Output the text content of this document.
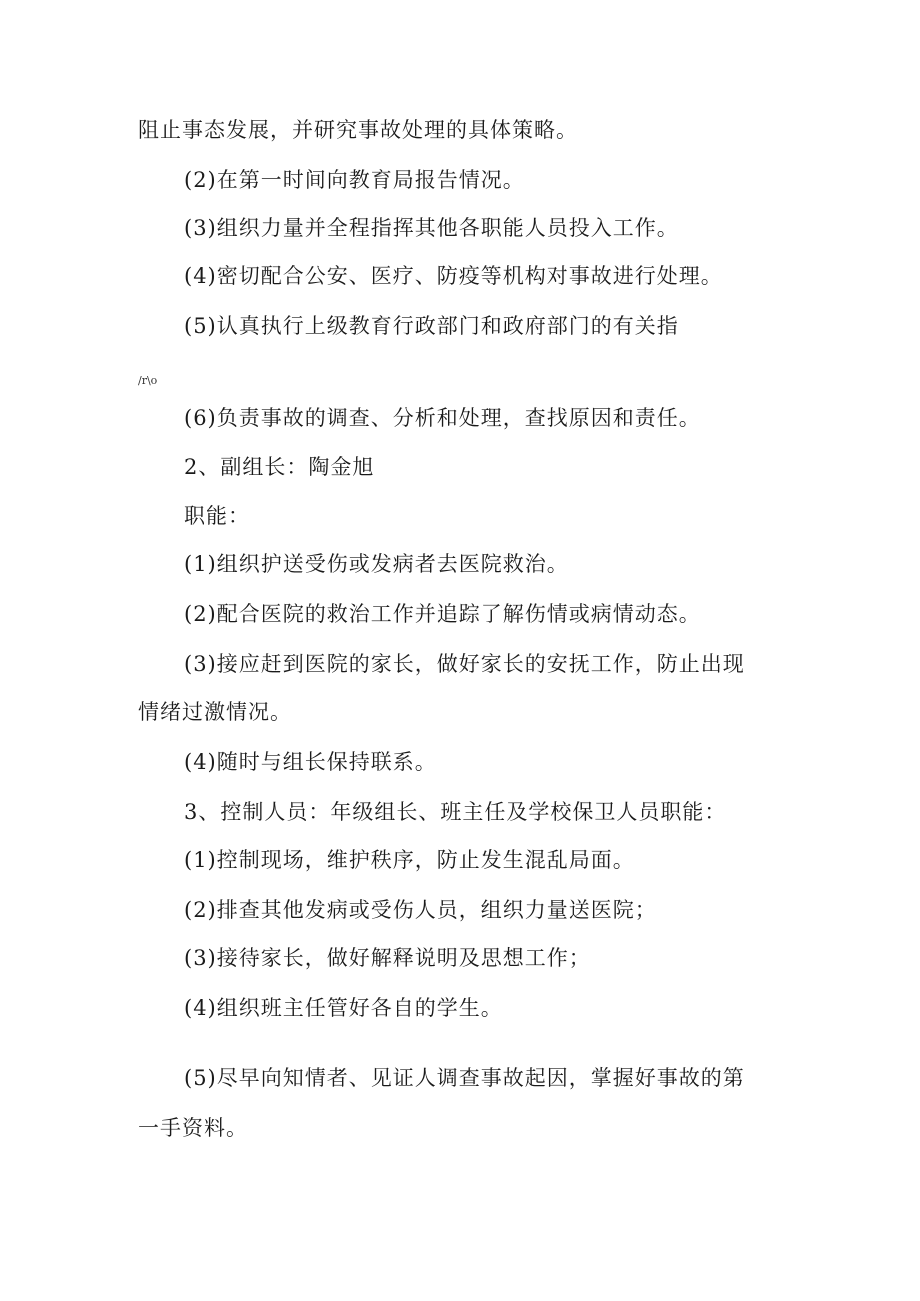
阻止事态发展，并研究事故处理的具体策略。

(2)在第一时间向教育局报告情况。

(3)组织力量并全程指挥其他各职能人员投入工作。

(4)密切配合公安、医疗、防疫等机构对事故进行处理。

(5)认真执行上级教育行政部门和政府部门的有关指

/r\o

(6)负责事故的调查、分析和处理，查找原因和责任。

2、副组长：陶金旭

职能：

(1)组织护送受伤或发病者去医院救治。

(2)配合医院的救治工作并追踪了解伤情或病情动态。

(3)接应赶到医院的家长，做好家长的安抚工作，防止出现

情绪过激情况。

(4)随时与组长保持联系。

3、控制人员：年级组长、班主任及学校保卫人员职能：

(1)控制现场，维护秩序，防止发生混乱局面。

(2)排查其他发病或受伤人员，组织力量送医院；

(3)接待家长，做好解释说明及思想工作；

(4)组织班主任管好各自的学生。

(5)尽早向知情者、见证人调查事故起因，掌握好事故的第

一手资料。
